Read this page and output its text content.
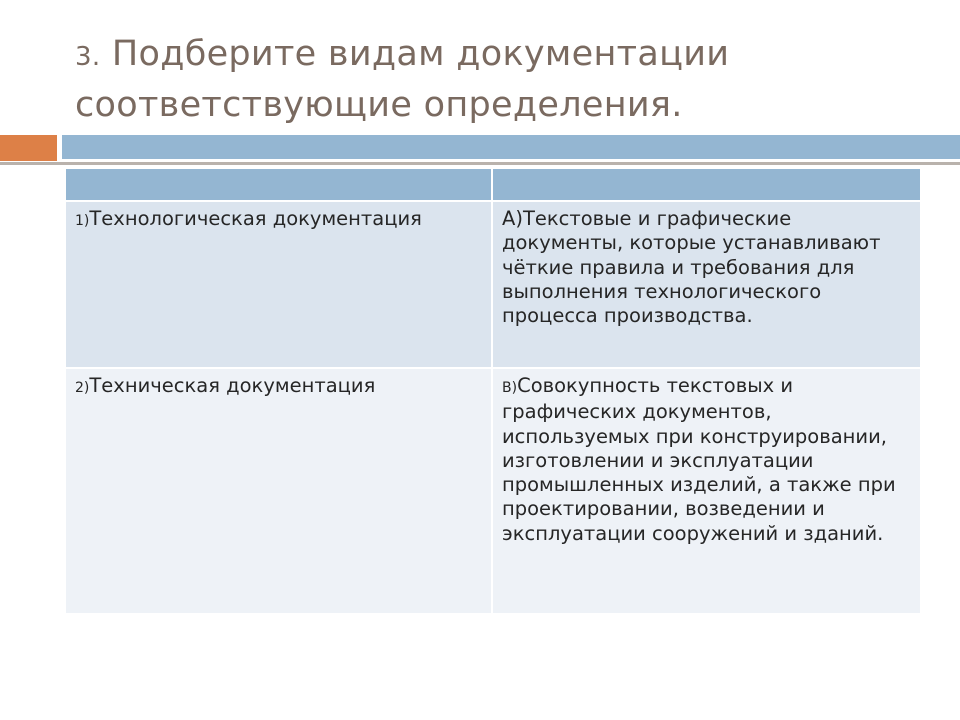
3. Подберите видам документации соответствующие определения.

1)Технологическая документация	А)Текстовые и графические документы, которые устанавливают чёткие правила и требования для выполнения технологического процесса производства.
2)Техническая документация	В)Совокупность текстовых и графических документов, используемых при конструировании, изготовлении и эксплуатации промышленных изделий, а также при проектировании, возведении и эксплуатации сооружений и зданий.
